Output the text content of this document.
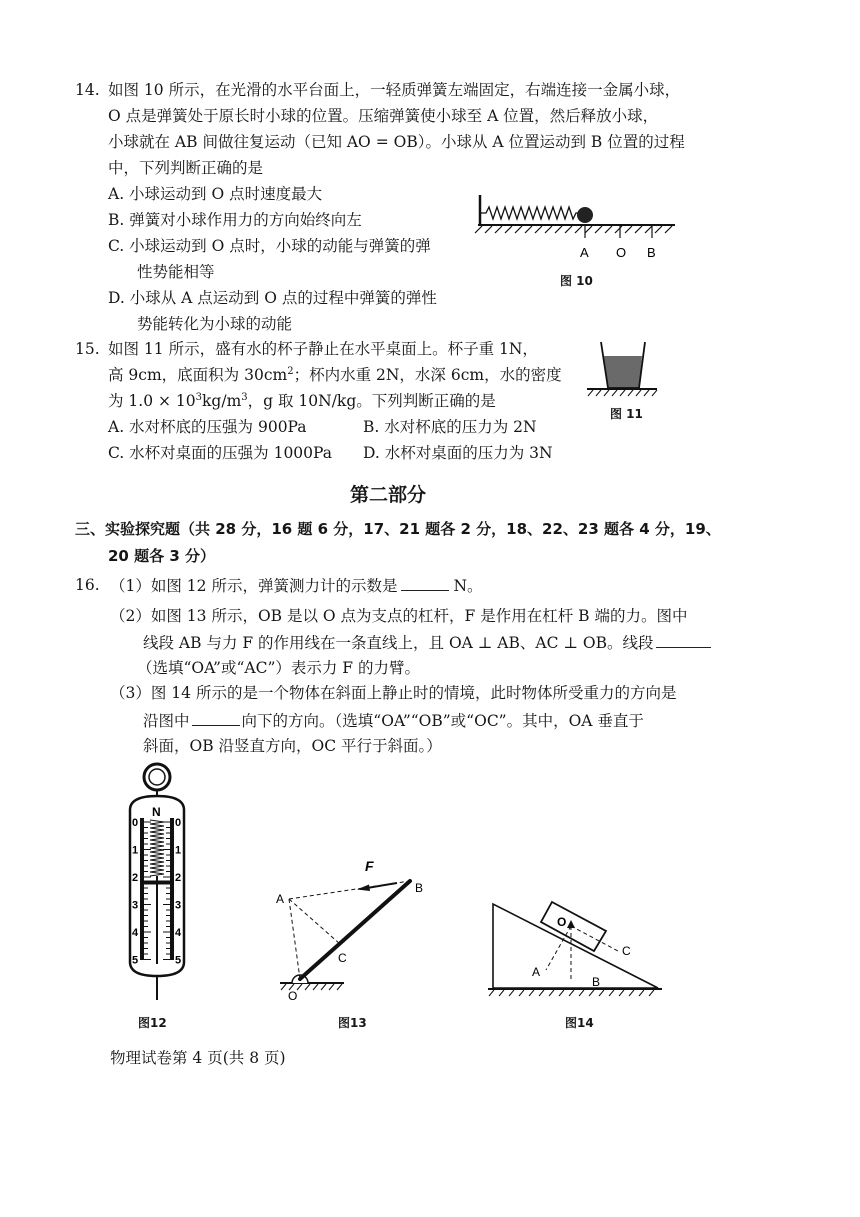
14. 如图 10 所示，在光滑的水平台面上，一轻质弹簧左端固定，右端连接一金属小球，
O 点是弹簧处于原长时小球的位置。压缩弹簧使小球至 A 位置，然后释放小球，
小球就在 AB 间做往复运动（已知 AO = OB）。小球从 A 位置运动到 B 位置的过程
中，下列判断正确的是
A. 小球运动到 O 点时速度最大
B. 弹簧对小球作用力的方向始终向左
C. 小球运动到 O 点时，小球的动能与弹簧的弹
性势能相等
D. 小球从 A 点运动到 O 点的过程中弹簧的弹性
势能转化为小球的动能
A O B
图 10
15. 如图 11 所示，盛有水的杯子静止在水平桌面上。杯子重 1N，
高 9cm，底面积为 $30cm^2$；杯内水重 2N，水深 6cm，水的密度
为 $1.0 \times 10^3kg/m^3$，g 取 10N/kg。下列判断正确的是
A. 水对杯底的压强为 900Pa	B. 水对杯底的压力为 2N
C. 水杯对桌面的压强为 1000Pa D. 水杯对桌面的压力为 3N
图 11
第二部分
三、实验探究题（共 28 分，16 题 6 分，17、21 题各 2 分，18、22、23 题各 4 分，19、
20 题各 3 分）
16. （1）如图 12 所示，弹簧测力计的示数是	N。
（2）如图 13 所示，OB 是以 O 点为支点的杠杆，F 是作用在杠杆 B 端的力。图中
线段 AB 与力 F 的作用线在一条直线上，且 OA ⊥ AB、AC ⊥ OB。线段
（选填“OA”或“AC”）表示力 F 的力臂。
（3）图 14 所示的是一个物体在斜面上静止时的情境，此时物体所受重力的方向是
沿图中	向下的方向。（选填“OA”“OB”或“OC”。其中，OA 垂直于
斜面，OB 沿竖直方向，OC 平行于斜面。）
N
0
1
2
3
4
5
0
1
2
3
4
5
图12
F
A
B
C
O
图13
O
A
B
C
图14
物理试卷第 4 页(共 8 页)
